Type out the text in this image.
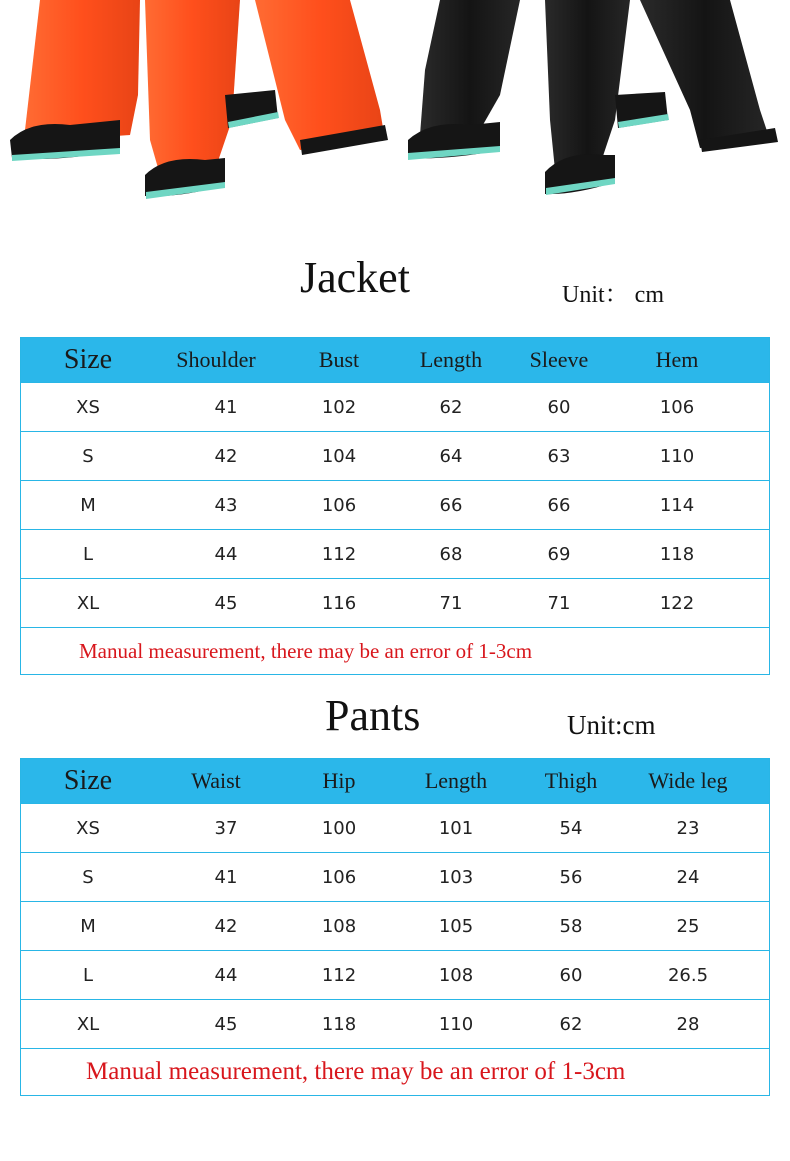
Jacket	Unit： cm
Size	Shoulder	Bust	Length	Sleeve	Hem
XS	41	102	62	60	106
S	42	104	64	63	110
M	43	106	66	66	114
L	44	112	68	69	118
XL	45	116	71	71	122
Manual measurement, there may be an error of 1-3cm
Pants	Unit:cm
Size	Waist	Hip	Length	Thigh	Wide leg
XS	37	100	101	54	23
S	41	106	103	56	24
M	42	108	105	58	25
L	44	112	108	60	26.5
XL	45	118	110	62	28
Manual measurement, there may be an error of 1-3cm
